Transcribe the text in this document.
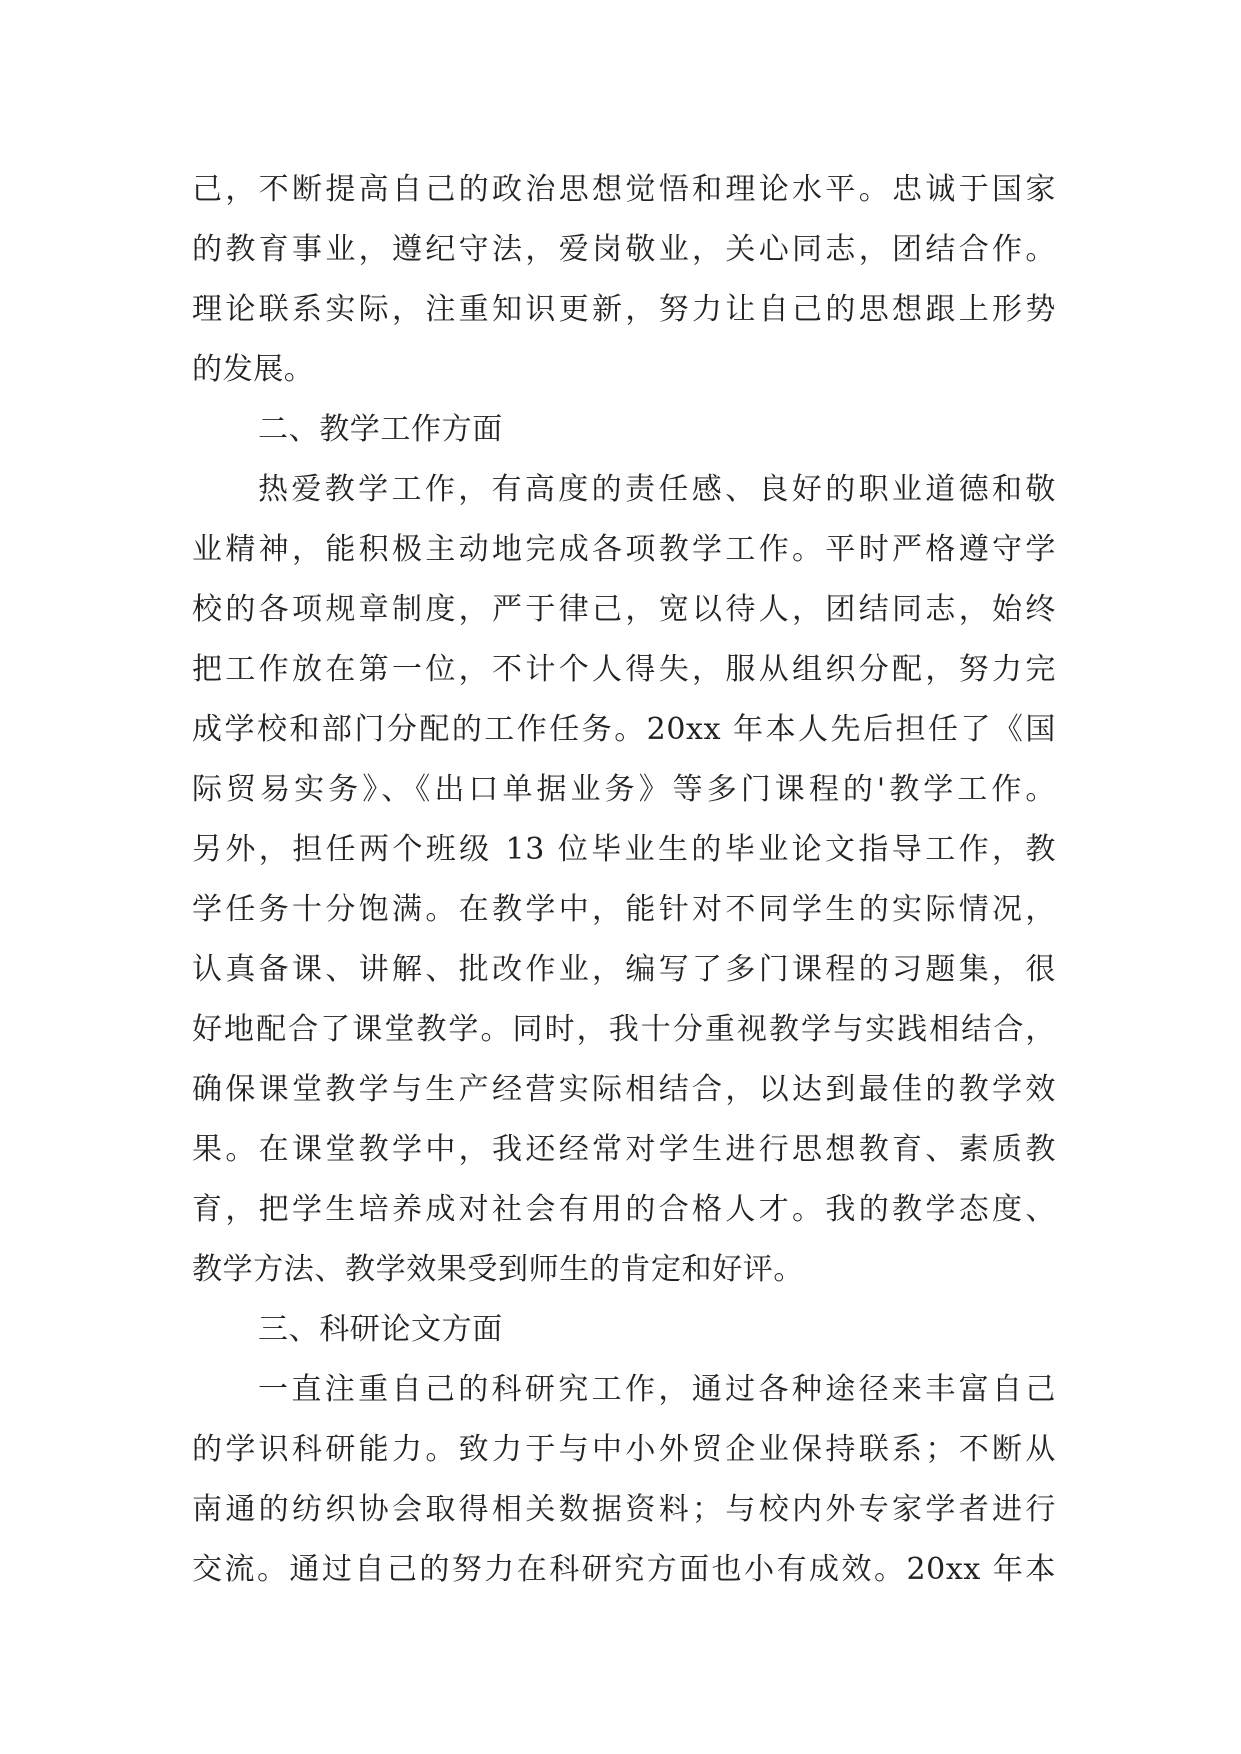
己，不断提高自己的政治思想觉悟和理论水平。忠诚于国家
的教育事业，遵纪守法，爱岗敬业，关心同志，团结合作。
理论联系实际，注重知识更新，努力让自己的思想跟上形势
的发展。
二、教学工作方面
热爱教学工作，有高度的责任感、良好的职业道德和敬
业精神，能积极主动地完成各项教学工作。平时严格遵守学
校的各项规章制度，严于律己，宽以待人，团结同志，始终
把工作放在第一位，不计个人得失，服从组织分配，努力完
成学校和部门分配的工作任务。20xx 年本人先后担任了《国
际贸易实务》、《出口单据业务》等多门课程的'教学工作。
另外，担任两个班级 13 位毕业生的毕业论文指导工作，教
学任务十分饱满。在教学中，能针对不同学生的实际情况，
认真备课、讲解、批改作业，编写了多门课程的习题集，很
好地配合了课堂教学。同时，我十分重视教学与实践相结合，
确保课堂教学与生产经营实际相结合，以达到最佳的教学效
果。在课堂教学中，我还经常对学生进行思想教育、素质教
育，把学生培养成对社会有用的合格人才。我的教学态度、
教学方法、教学效果受到师生的肯定和好评。
三、科研论文方面
一直注重自己的科研究工作，通过各种途径来丰富自己
的学识科研能力。致力于与中小外贸企业保持联系；不断从
南通的纺织协会取得相关数据资料；与校内外专家学者进行
交流。通过自己的努力在科研究方面也小有成效。20xx 年本
